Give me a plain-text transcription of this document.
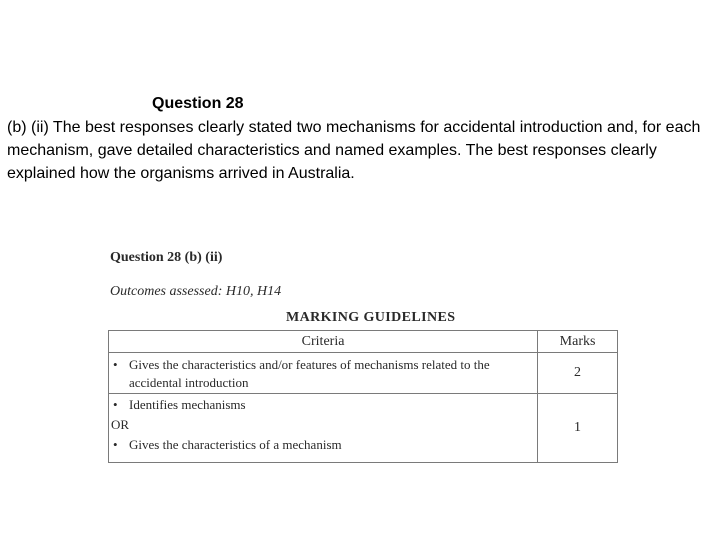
Question 28
(b) (ii) The best responses clearly stated two mechanisms for accidental introduction and, for each mechanism, gave detailed characteristics and named examples. The best responses clearly explained how the organisms arrived in Australia.
Question 28 (b) (ii)
Outcomes assessed: H10, H14
MARKING GUIDELINES
Criteria	Marks

• Gives the characteristics and/or features of mechanisms related to the accidental introduction	2

• Identifies mechanisms
OR
• Gives the characteristics of a mechanism	1
